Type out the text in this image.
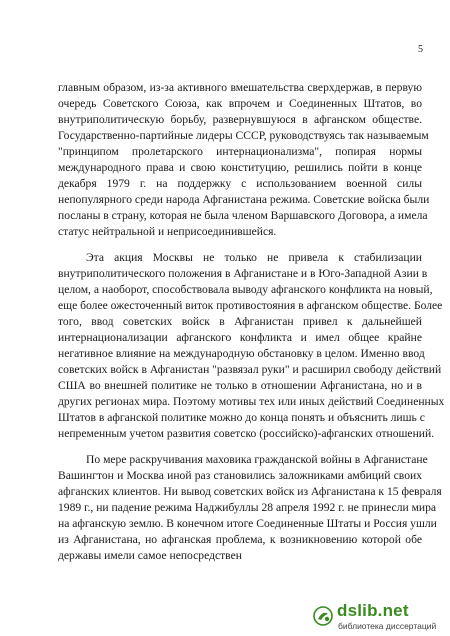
5
главным образом, из-за активного вмешательства сверхдержав, в первую
очередь Советского Союза, как впрочем и Соединенных Штатов, во
внутриполитическую борьбу, развернувшуюся в афганском обществе.
Государственно-партийные лидеры СССР, руководствуясь так называемым
"принципом пролетарского интернационализма", попирая нормы
международного права и свою конституцию, решились пойти в конце
декабря 1979 г. на поддержку с использованием военной силы
непопулярного среди народа Афганистана режима. Советские войска были
посланы в страну, которая не была членом Варшавского Договора, а имела
статус нейтральной и неприсоединившейся.
Эта акция Москвы не только не привела к стабилизации
внутриполитического положения в Афганистане и в Юго-Западной Азии в
целом, а наоборот, способствовала выводу афганского конфликта на новый,
еще более ожесточенный виток противостояния в афганском обществе. Более
того, ввод советских войск в Афганистан привел к дальнейшей
интернационализации афганского конфликта и имел общее крайне
негативное влияние на международную обстановку в целом. Именно ввод
советских войск в Афганистан "развязал руки" и расширил свободу действий
США во внешней политике не только в отношении Афганистана, но и в
других регионах мира. Поэтому мотивы тех или иных действий Соединенных
Штатов в афганской политике можно до конца понять и объяснить лишь с
непременным учетом развития советско (российско)-афганских отношений.
По мере раскручивания маховика гражданской войны в Афганистане
Вашингтон и Москва иной раз становились заложниками амбиций своих
афганских клиентов. Ни вывод советских войск из Афганистана к 15 февраля
1989 г., ни падение режима Наджибуллы 28 апреля 1992 г. не принесли мира
на афганскую землю. В конечном итоге Соединенные Штаты и Россия ушли
из Афганистана, но афганская проблема, к возникновению которой обе
державы имели самое непосредствен
dslib.net
библиотека диссертаций
